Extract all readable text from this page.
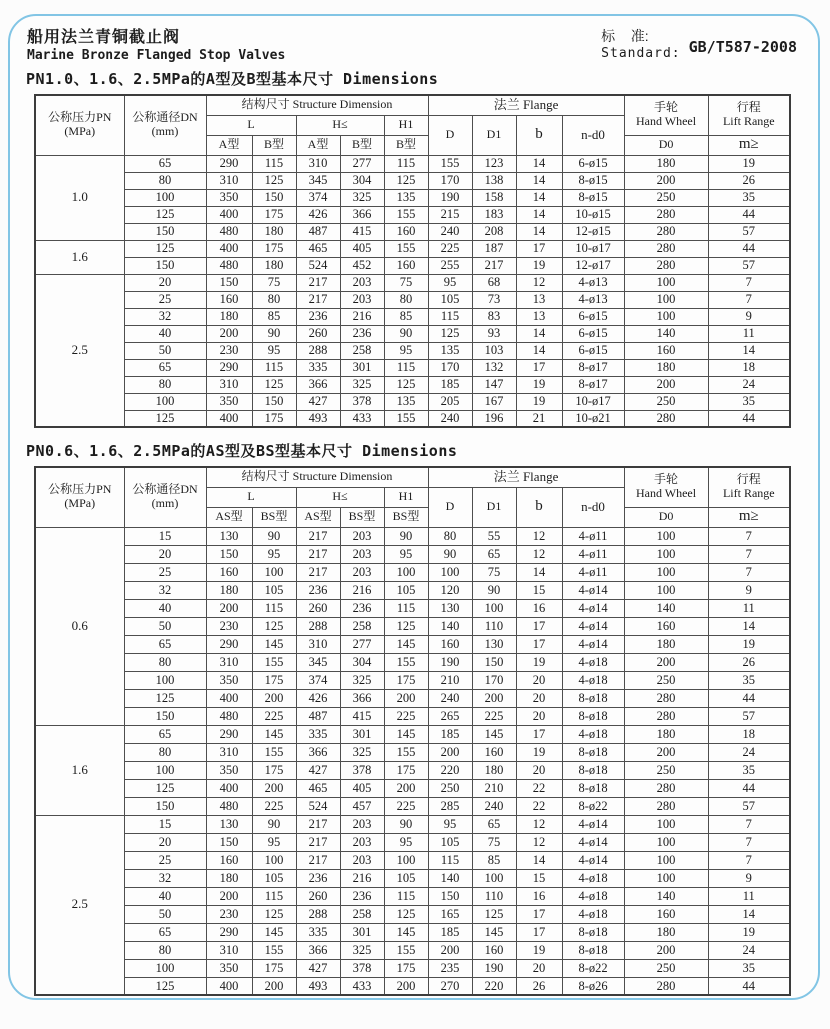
船用法兰青铜截止阀
Marine Bronze Flanged Stop Valves
标    准:
Standard: GB/T587-2008
PN1.0、1.6、2.5MPa的A型及B型基本尺寸 Dimensions
公称压力PN
(MPa)

公称通径DN
(mm)
	结构尺寸 Structure Dimension	法兰 Flange	手轮
Hand Wheel

行程
Lift Range

		L		H≤		H1	D	D1	b	n-d0		
		A型	B型	A型	B型	B型					D0	m≥
1.0	65	290	115	310	277	115	155	123	14	6-ø15	180	19
	80	310	125	345	304	125	170	138	14	8-ø15	200	26
	100	350	150	374	325	135	190	158	14	8-ø15	250	35
	125	400	175	426	366	155	215	183	14	10-ø15	280	44
	150	480	180	487	415	160	240	208	14	12-ø15	280	57
1.6	125	400	175	465	405	155	225	187	17	10-ø17	280	44
	150	480	180	524	452	160	255	217	19	12-ø17	280	57
2.5	20	150	75	217	203	75	95	68	12	4-ø13	100	7
	25	160	80	217	203	80	105	73	13	4-ø13	100	7
	32	180	85	236	216	85	115	83	13	6-ø15	100	9
	40	200	90	260	236	90	125	93	14	6-ø15	140	11
	50	230	95	288	258	95	135	103	14	6-ø15	160	14
	65	290	115	335	301	115	170	132	17	8-ø17	180	18
	80	310	125	366	325	125	185	147	19	8-ø17	200	24
	100	350	150	427	378	135	205	167	19	10-ø17	250	35
	125	400	175	493	433	155	240	196	21	10-ø21	280	44
PN0.6、1.6、2.5MPa的AS型及BS型基本尺寸 Dimensions
公称压力PN
(MPa)

公称通径DN
(mm)
	结构尺寸 Structure Dimension	法兰 Flange	手轮
Hand Wheel

行程
Lift Range

		L		H≤		H1	D	D1	b	n-d0		
		AS型	BS型	AS型	BS型	BS型					D0	m≥
0.6	15	130	90	217	203	90	80	55	12	4-ø11	100	7
	20	150	95	217	203	95	90	65	12	4-ø11	100	7
	25	160	100	217	203	100	100	75	14	4-ø11	100	7
	32	180	105	236	216	105	120	90	15	4-ø14	100	9
	40	200	115	260	236	115	130	100	16	4-ø14	140	11
	50	230	125	288	258	125	140	110	17	4-ø14	160	14
	65	290	145	310	277	145	160	130	17	4-ø14	180	19
	80	310	155	345	304	155	190	150	19	4-ø18	200	26
	100	350	175	374	325	175	210	170	20	4-ø18	250	35
	125	400	200	426	366	200	240	200	20	8-ø18	280	44
	150	480	225	487	415	225	265	225	20	8-ø18	280	57
1.6	65	290	145	335	301	145	185	145	17	4-ø18	180	18
	80	310	155	366	325	155	200	160	19	8-ø18	200	24
	100	350	175	427	378	175	220	180	20	8-ø18	250	35
	125	400	200	465	405	200	250	210	22	8-ø18	280	44
	150	480	225	524	457	225	285	240	22	8-ø22	280	57
2.5	15	130	90	217	203	90	95	65	12	4-ø14	100	7
	20	150	95	217	203	95	105	75	12	4-ø14	100	7
	25	160	100	217	203	100	115	85	14	4-ø14	100	7
	32	180	105	236	216	105	140	100	15	4-ø18	100	9
	40	200	115	260	236	115	150	110	16	4-ø18	140	11
	50	230	125	288	258	125	165	125	17	4-ø18	160	14
	65	290	145	335	301	145	185	145	17	8-ø18	180	19
	80	310	155	366	325	155	200	160	19	8-ø18	200	24
	100	350	175	427	378	175	235	190	20	8-ø22	250	35
	125	400	200	493	433	200	270	220	26	8-ø26	280	44
